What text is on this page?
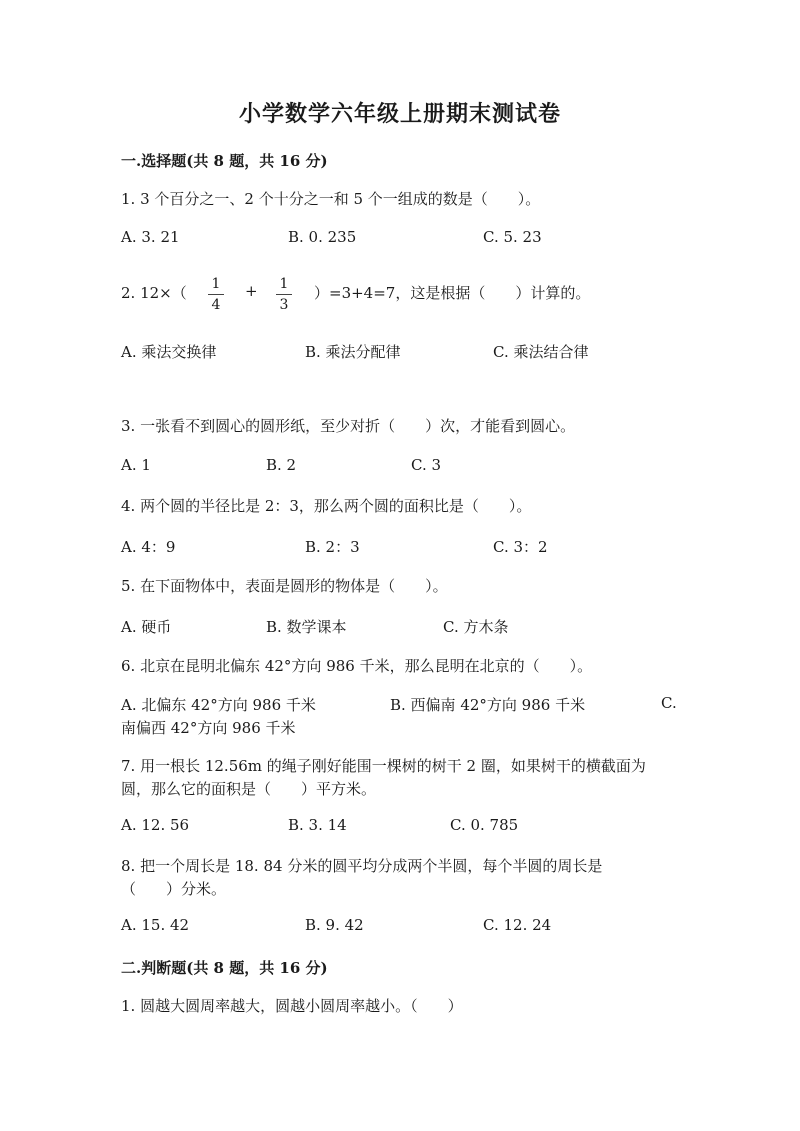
小学数学六年级上册期末测试卷
一.选择题(共 8 题，共 16 分)
1. 3 个百分之一、2 个十分之一和 5 个一组成的数是（　　）。
A. 3. 21	B. 0. 235	C. 5. 23
2. $12\times( \frac{1}{4} + \frac{1}{3} )=3+4=7$，这是根据（　　）计算的。
A. 乘法交换律	B. 乘法分配律	C. 乘法结合律
3. 一张看不到圆心的圆形纸，至少对折（　　）次，才能看到圆心。
A. 1	B. 2	C. 3
4. 两个圆的半径比是 2：3，那么两个圆的面积比是（　　）。
A. 4：9	B. 2：3	C. 3：2
5. 在下面物体中，表面是圆形的物体是（　　）。
A. 硬币	B. 数学课本	C. 方木条
6. 北京在昆明北偏东 42°方向 986 千米，那么昆明在北京的（　　）。
A. 北偏东 42°方向 986 千米	B. 西偏南 42°方向 986 千米	C.
南偏西 42°方向 986 千米
7. 用一根长 12.56m 的绳子刚好能围一棵树的树干 2 圈，如果树干的横截面为
圆，那么它的面积是（　　）平方米。
A. 12. 56	B. 3. 14	C. 0. 785
8. 把一个周长是 18. 84 分米的圆平均分成两个半圆，每个半圆的周长是
（　　）分米。
A. 15. 42	B. 9. 42	C. 12. 24
二.判断题(共 8 题，共 16 分)
1. 圆越大圆周率越大，圆越小圆周率越小。（　　）
